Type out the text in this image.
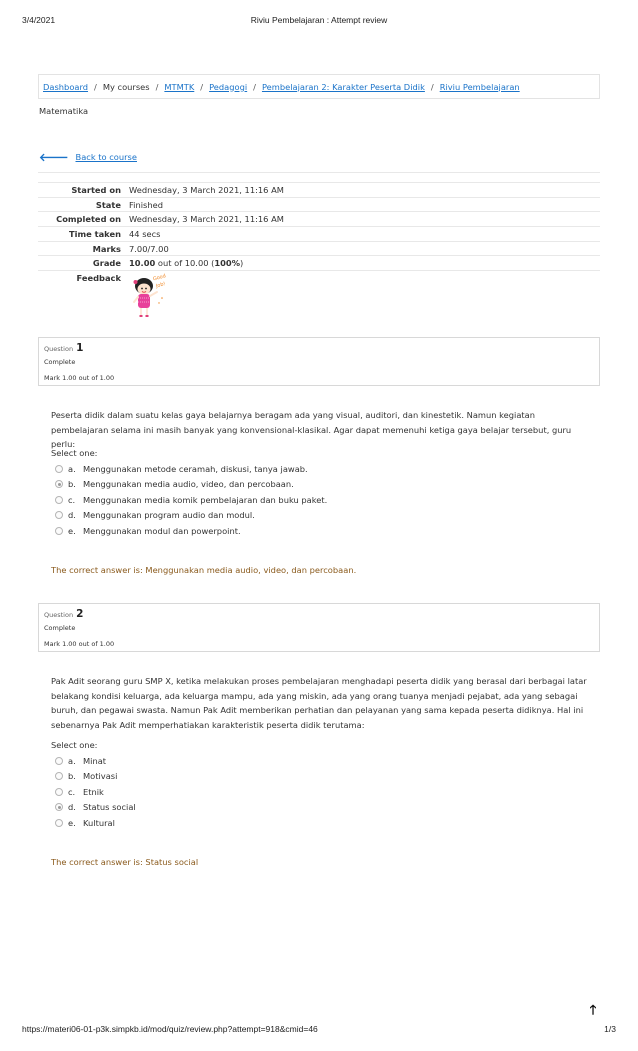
3/4/2021	Riviu Pembelajaran : Attempt review
Dashboard / My courses / MTMTK / Pedagogi / Pembelajaran 2: Karakter Peserta Didik / Riviu Pembelajaran
Matematika
🡐 Back to course
Started on Wednesday, 3 March 2021, 11:16 AM
State Finished
Completed on Wednesday, 3 March 2021, 11:16 AM
Time taken 44 secs
Marks 7.00/7.00
Grade 10.00 out of 10.00 (100%)
Feedback	Good
Job!
Question 1
Complete
Mark 1.00 out of 1.00
Peserta didik dalam suatu kelas gaya belajarnya beragam ada yang visual, auditori, dan kinestetik. Namun kegiatan pembelajaran selama ini masih banyak yang konvensional-klasikal. Agar dapat memenuhi ketiga gaya belajar tersebut, guru perlu:
Select one:
a. Menggunakan metode ceramah, diskusi, tanya jawab.
b. Menggunakan media audio, video, dan percobaan.
c. Menggunakan media komik pembelajaran dan buku paket.
d. Menggunakan program audio dan modul.
e. Menggunakan modul dan powerpoint.
The correct answer is: Menggunakan media audio, video, dan percobaan.
Question 2
Complete
Mark 1.00 out of 1.00
Pak Adit seorang guru SMP X, ketika melakukan proses pembelajaran menghadapi peserta didik yang berasal dari berbagai latar belakang kondisi keluarga, ada keluarga mampu, ada yang miskin, ada yang orang tuanya menjadi pejabat, ada yang sebagai buruh, dan pegawai swasta. Namun Pak Adit memberikan perhatian dan pelayanan yang sama kepada peserta didiknya. Hal ini sebenarnya Pak Adit memperhatiakan karakteristik peserta didik terutama:
Select one:
a. Minat
b. Motivasi
c. Etnik
d. Status social
e. Kultural
The correct answer is: Status social
🡑
https://materi06-01-p3k.simpkb.id/mod/quiz/review.php?attempt=918&cmid=46	1/3
